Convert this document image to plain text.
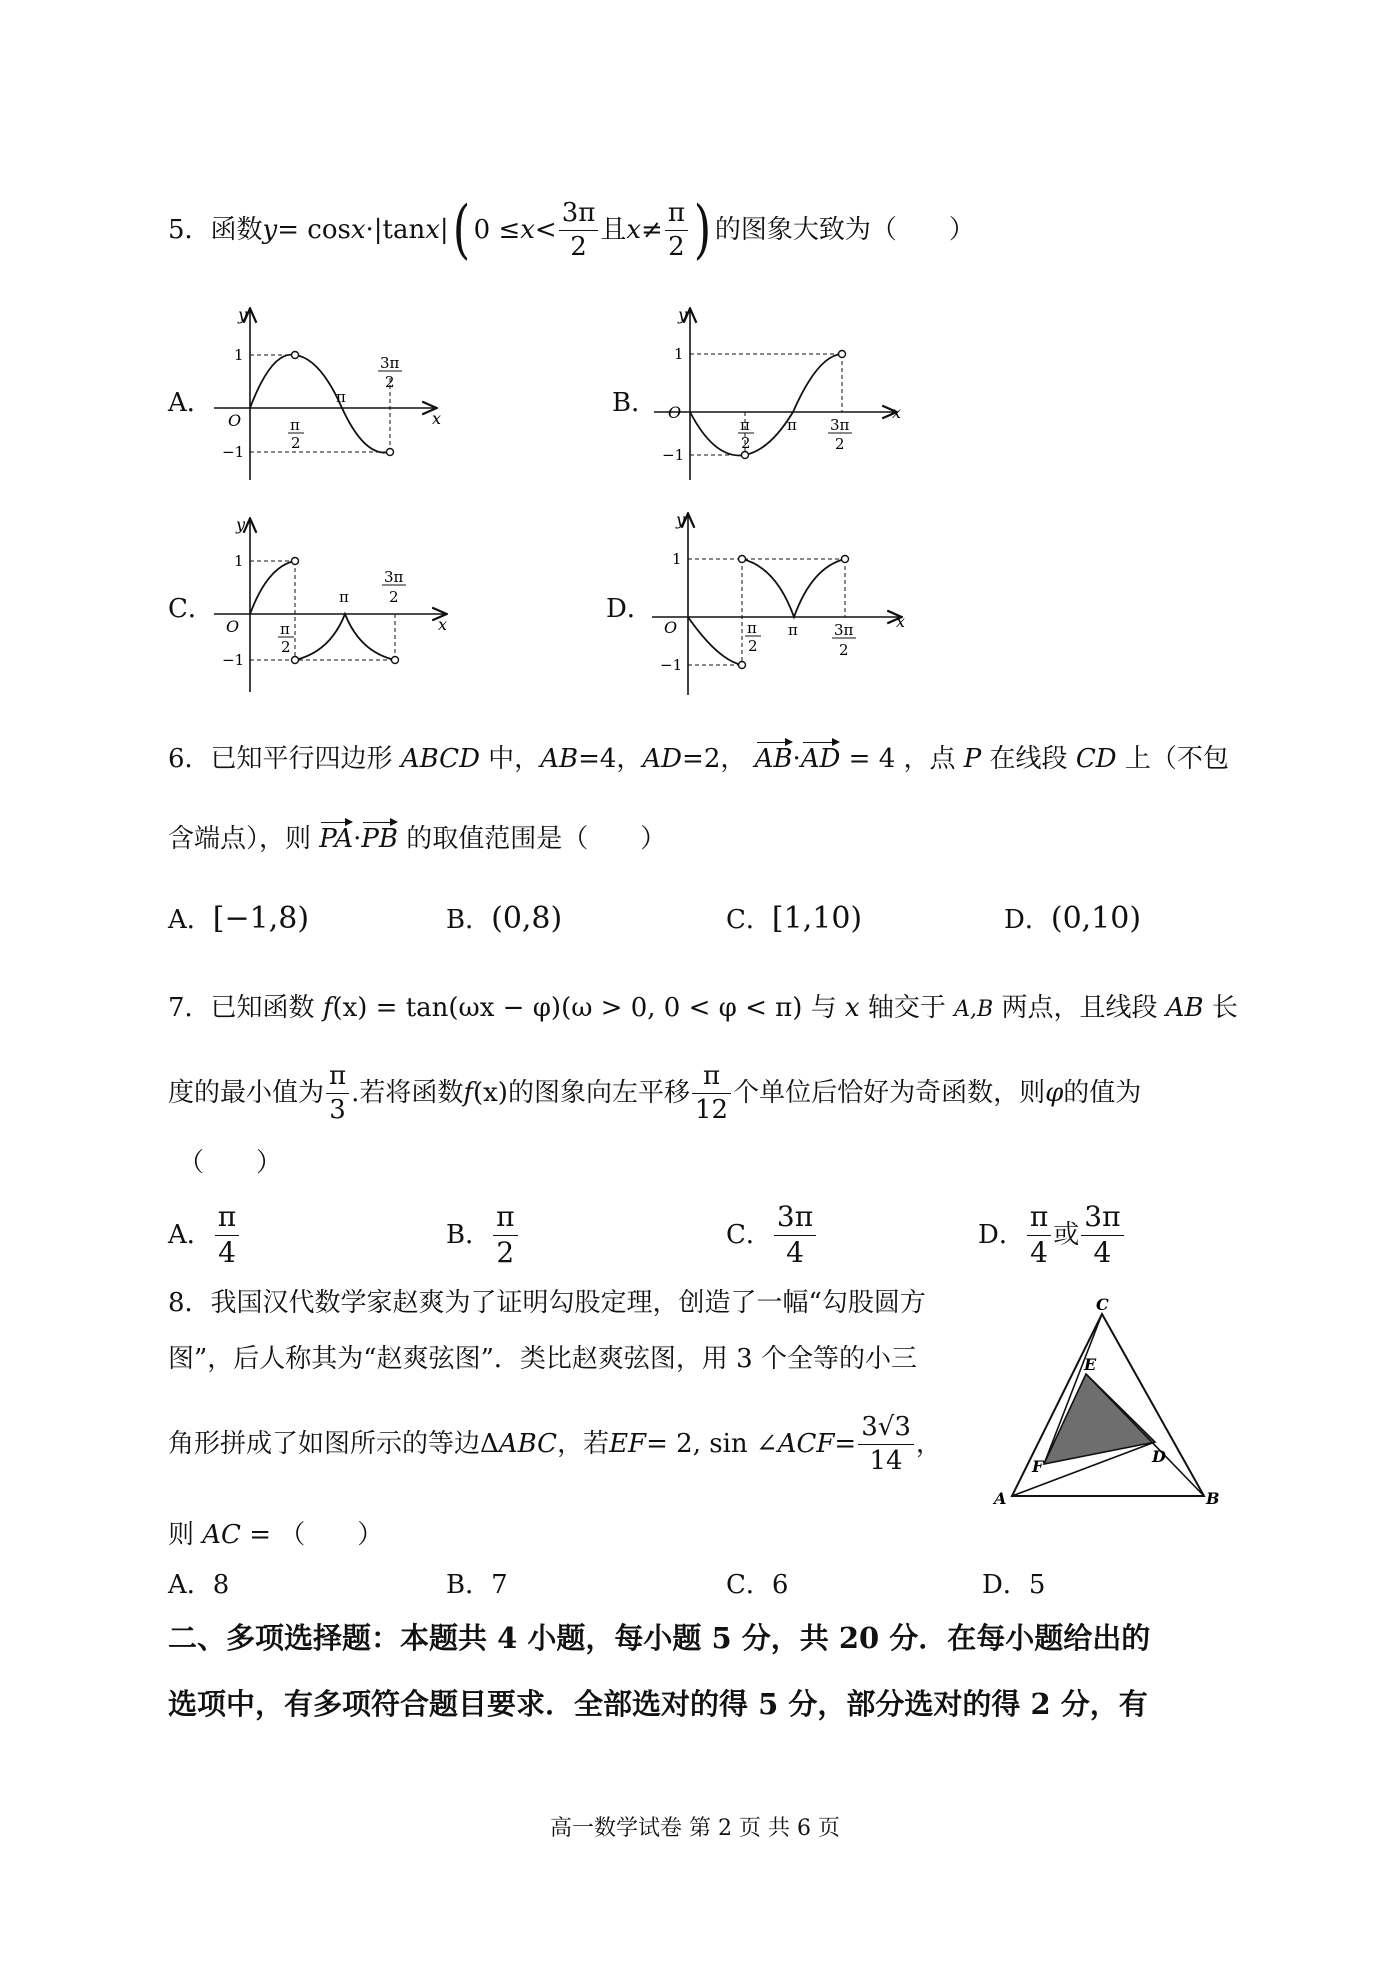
5．函数 y = cos x ·|tan x | ( $0 \le x < \frac{3\pi}{2}$ 且 $x \ne \frac{\pi}{2}$ ) 的图象大致为（　　）
A．
y
x
O
1
−1
π
2
π
3π
2
B．
y
x
O
1
−1
π
2
π 3π
2
C．
y
x
O
1
−1
π
2
π
3π
2	D．
y
x
O
1
−1
π
2
π 3π
2
6．已知平行四边形 ABCD 中，AB=4，AD=2， AB·AD = 4 ，点 P 在线段 CD 上（不包
含端点），则 PA·PB 的取值范围是（　　）
A．[−1,8)	B．(0,8)	C．[1,10)	D．(0,10)
7．已知函数 f(x) = tan(ωx − φ)(ω > 0, 0 < φ < π) 与 x 轴交于 A,B 两点，且线段 AB 长
度的最小值为 $\frac{\pi}{3}$ .若将函数 f (x) 的图象向左平移 $\frac{\pi}{12}$ 个单位后恰好为奇函数，则 φ 的值为
（　　）
A． $\frac{\pi}{4}$	B． $\frac{\pi}{2}$	C． $\frac{3\pi}{4}$	D． $\frac{\pi}{4}$ 或 $\frac{3\pi}{4}$
8．我国汉代数学家赵爽为了证明勾股定理，创造了一幅“勾股圆方
图”，后人称其为“赵爽弦图”．类比赵爽弦图，用 3 个全等的小三
角形拼成了如图所示的等边 Δ ABC ，若 EF = 2, sin ∠ ACF = $\frac{3√3}{14}$ ，
则 AC = （　　）
C
E
F
D
A	B
A．8	B．7	C．6	D．5
二、多项选择题：本题共 4 小题，每小题 5 分，共 20 分．在每小题给出的
选项中，有多项符合题目要求．全部选对的得 5 分，部分选对的得 2 分，有
高一数学试卷 第 2 页 共 6 页
